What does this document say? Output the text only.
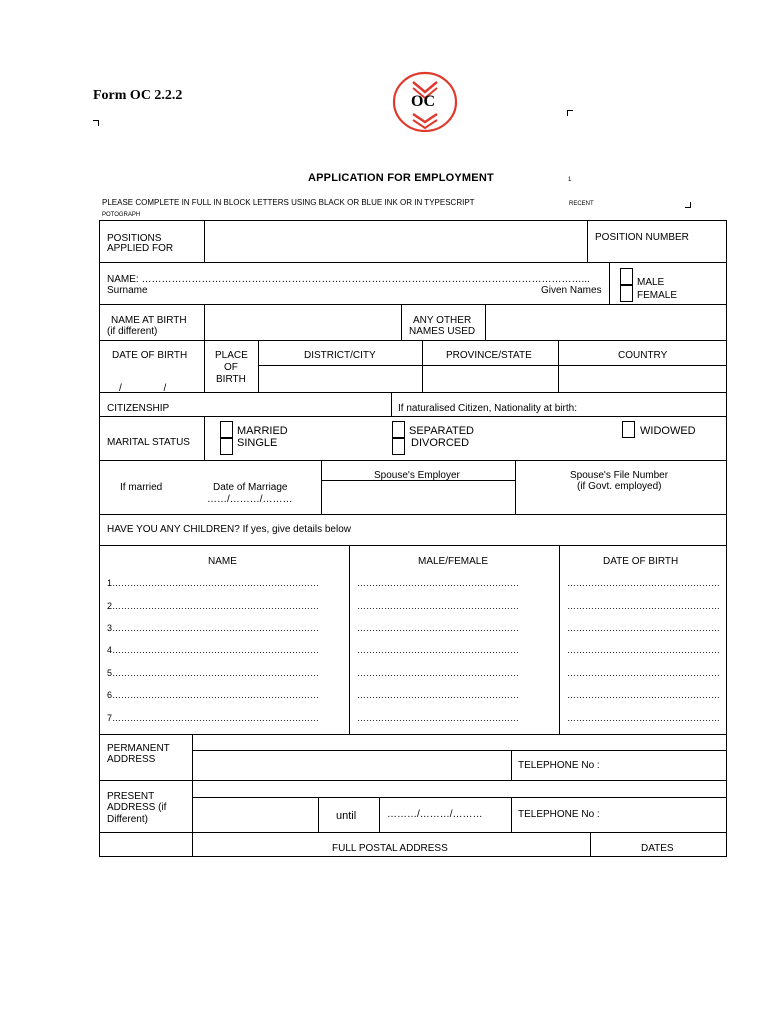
Form OC 2.2.2	OC
APPLICATION FOR EMPLOYMENT	1
PLEASE COMPLETE IN FULL IN BLOCK LETTERS USING BLACK OR BLUE INK OR IN TYPESCRIPT	RECENT
POTOGRAPH
POSITIONS
APPLIED FOR
POSITION NUMBER
NAME: ……………………………………………………………………………………………………………………...
Surname	Given Names
MALE
FEMALE
NAME AT BIRTH
(if different)
ANY OTHER
NAMES USED
DATE OF BIRTH
/               /
PLACE
OF
BIRTH
DISTRICT/CITY	PROVINCE/STATE	COUNTRY
CITIZENSHIP	If naturalised Citizen, Nationality at birth:
MARITAL STATUS
MARRIED
SINGLE
SEPARATED
DIVORCED
WIDOWED
If married	Date of Marriage
……/………/………
Spouse's Employer	Spouse's File Number
(if Govt. employed)
HAVE YOU ANY CHILDREN? If yes, give details below
NAME	MALE/FEMALE	DATE OF BIRTH
1……………………………………………………………	………………………………………………	……………………………………………
2……………………………………………………………	………………………………………………	……………………………………………
3……………………………………………………………	………………………………………………	……………………………………………
4……………………………………………………………	………………………………………………	……………………………………………
5……………………………………………………………	………………………………………………	……………………………………………
6……………………………………………………………	………………………………………………	……………………………………………
7……………………………………………………………	………………………………………………	……………………………………………
PERMANENT
ADDRESS
TELEPHONE No :
PRESENT
ADDRESS (if
Different)	until	………/………/………	TELEPHONE No :
FULL POSTAL ADDRESS	DATES
